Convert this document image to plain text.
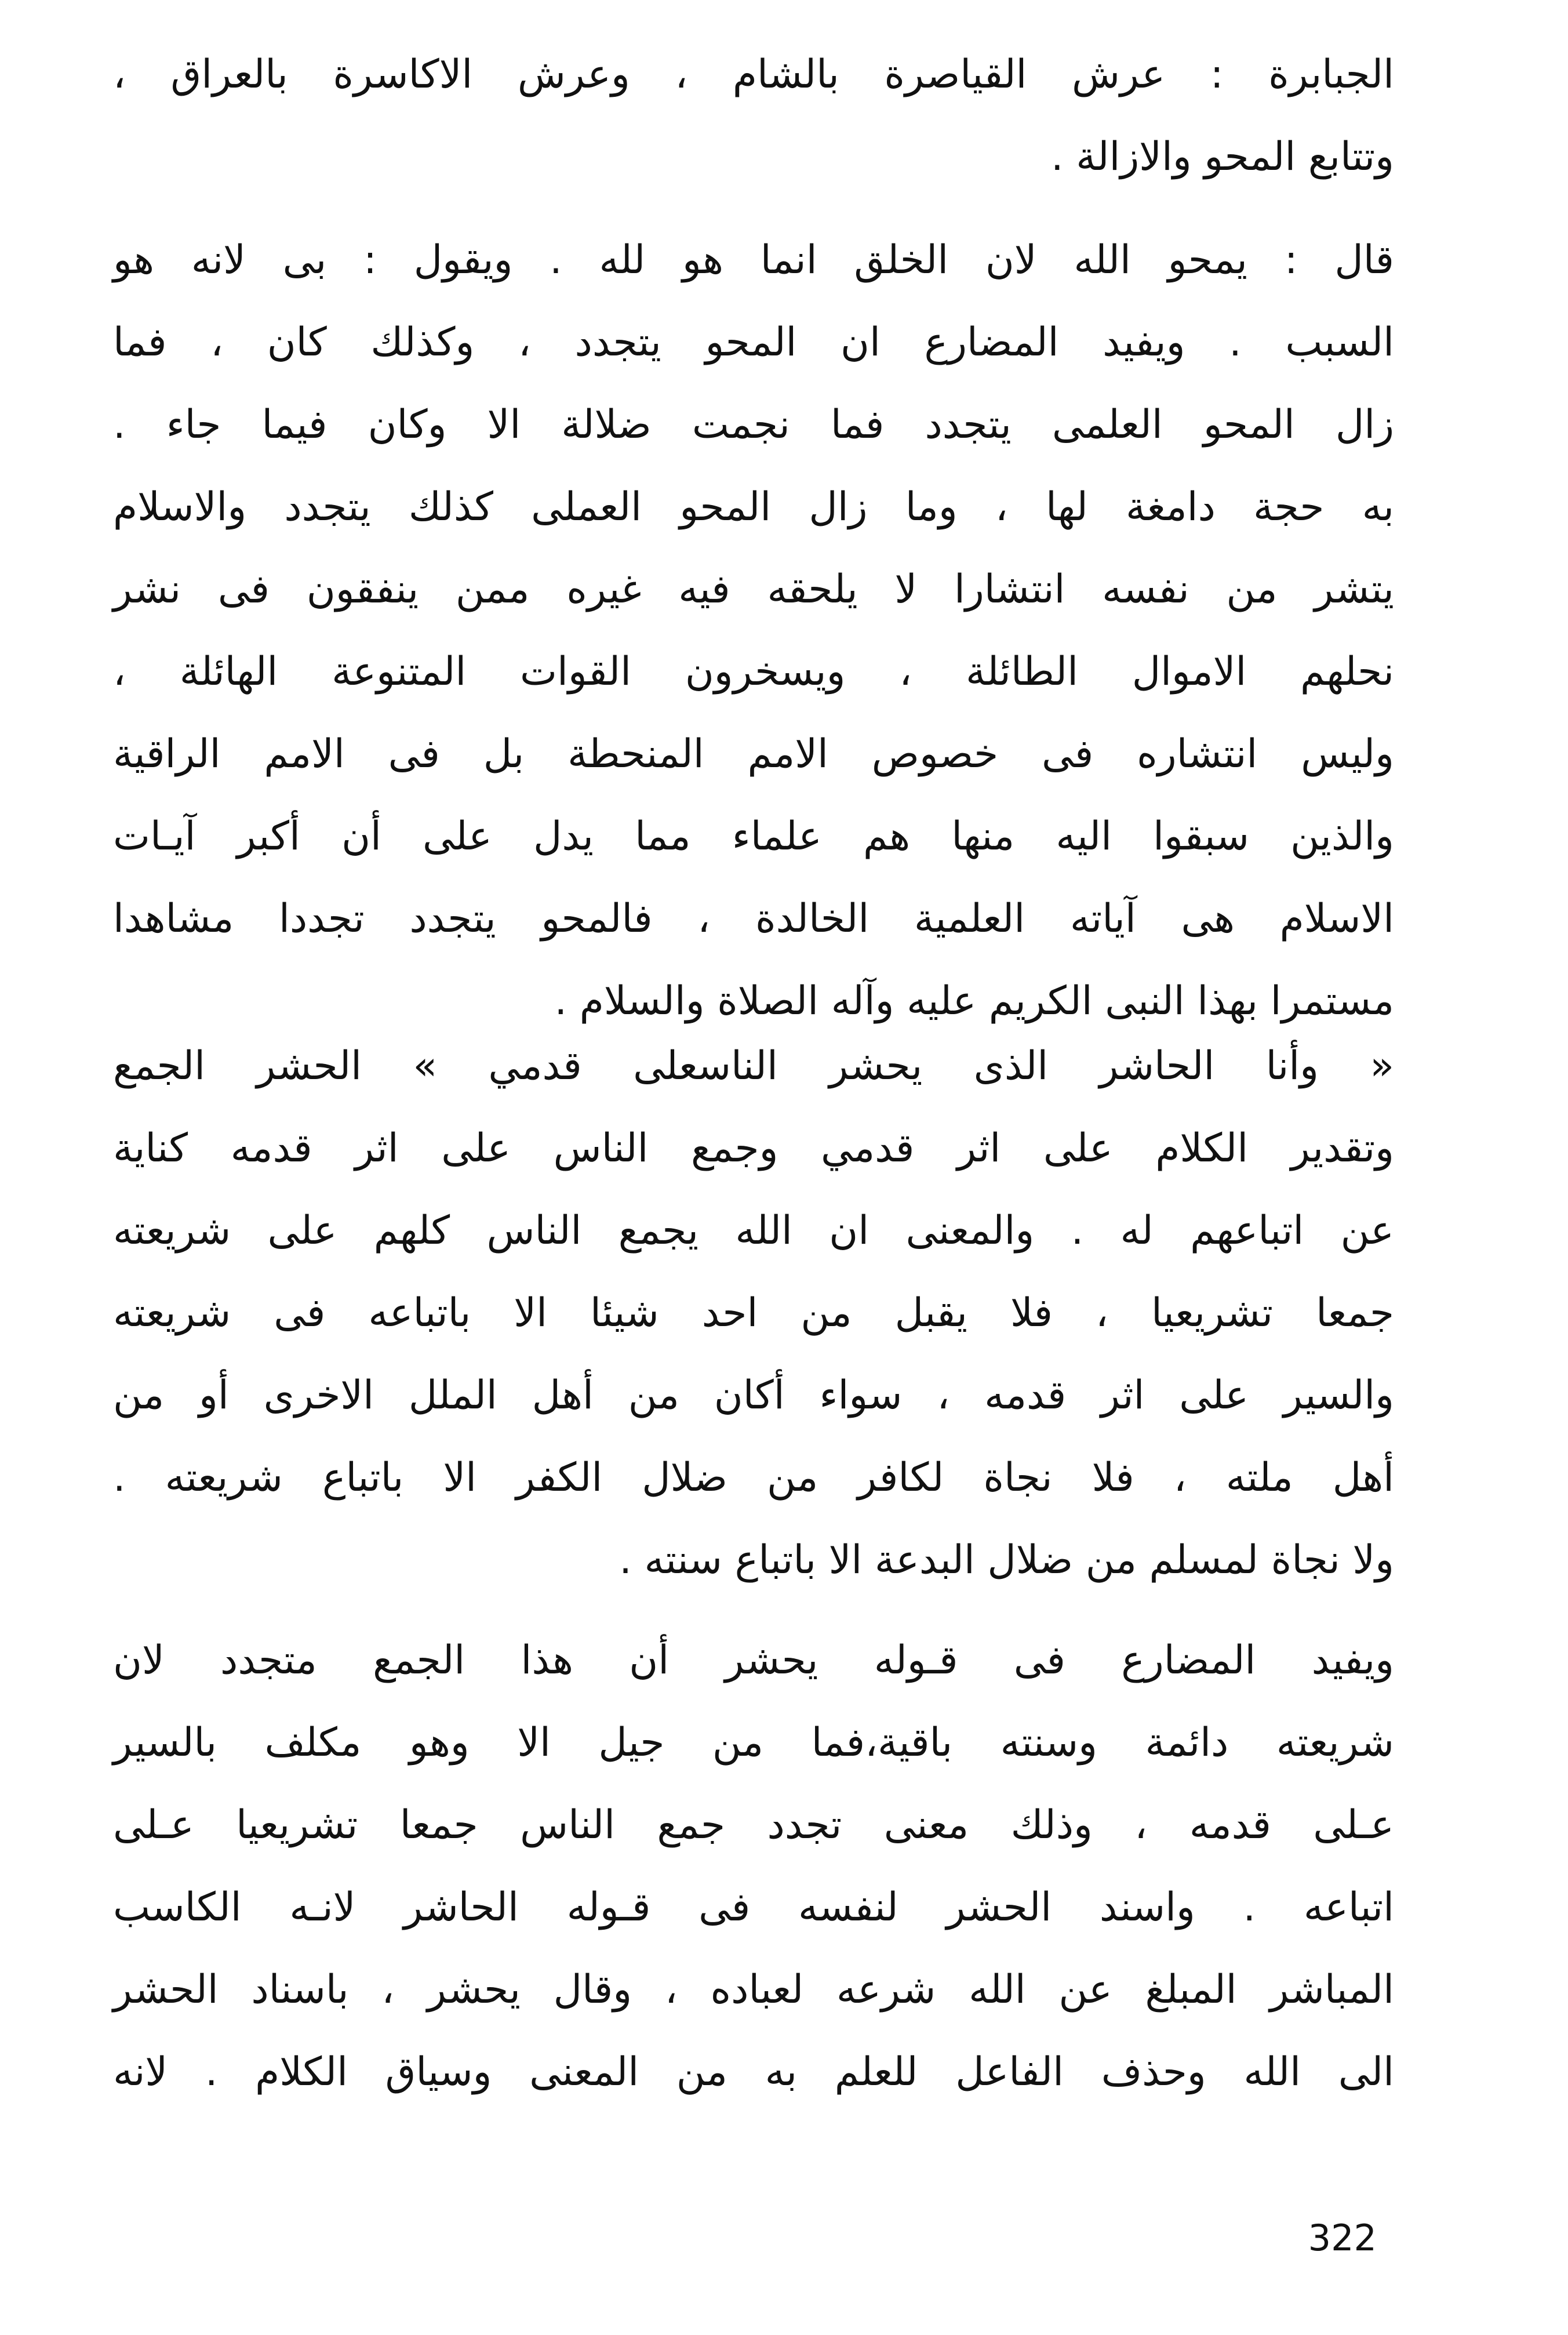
الجبابرة : عرش القياصرة بالشام ، وعرش الاكاسرة بالعراق ،
وتتابع المحو والازالة .

قال : يمحو الله لان الخلق انما هو لله . ويقول : بى لانه هو
السبب . ويفيد المضارع ان المحو يتجدد ، وكذلك كان ، فما
زال المحو العلمى يتجدد فما نجمت ضلالة الا وكان فيما جاء .
به حجة دامغة لها ، وما زال المحو العملى كذلك يتجدد والاسلام
يتشر من نفسه انتشارا لا يلحقه فيه غيره ممن ينفقون فى نشر
نحلهم الاموال الطائلة ، ويسخرون القوات المتنوعة الهائلة ،
وليس انتشاره فى خصوص الامم المنحطة بل فى الامم الراقية
والذين سبقوا اليه منها هم علماء مما يدل على أن أكبر آيـات
الاسلام هى آياته العلمية الخالدة ، فالمحو يتجدد تجددا مشاهدا
مستمرا بهذا النبى الكريم عليه وآله الصلاة والسلام .

« وأنا الحاشر الذى يحشر الناسعلى قدمي » الحشر الجمع
وتقدير الكلام على اثر قدمي وجمع الناس على اثر قدمه كناية
عن اتباعهم له . والمعنى ان الله يجمع الناس كلهم على شريعته
جمعا تشريعيا ، فلا يقبل من احد شيئا الا باتباعه فى شريعته
والسير على اثر قدمه ، سواء أكان من أهل الملل الاخرى أو من
أهل ملته ، فلا نجاة لكافر من ضلال الكفر الا باتباع شريعته .
ولا نجاة لمسلم من ضلال البدعة الا باتباع سنته .

ويفيد المضارع فى قـوله يحشر أن هذا الجمع متجدد لان
شريعته دائمة وسنته باقية،فما من جيل الا وهو مكلف بالسير
عـلى قدمه ، وذلك معنى تجدد جمع الناس جمعا تشريعيا عـلى
اتباعه . واسند الحشر لنفسه فى قـوله الحاشر لانـه الكاسب
المباشر المبلغ عن الله شرعه لعباده ، وقال يحشر ، باسناد الحشر
الى الله وحذف الفاعل للعلم به من المعنى وسياق الكلام . لانه

322
